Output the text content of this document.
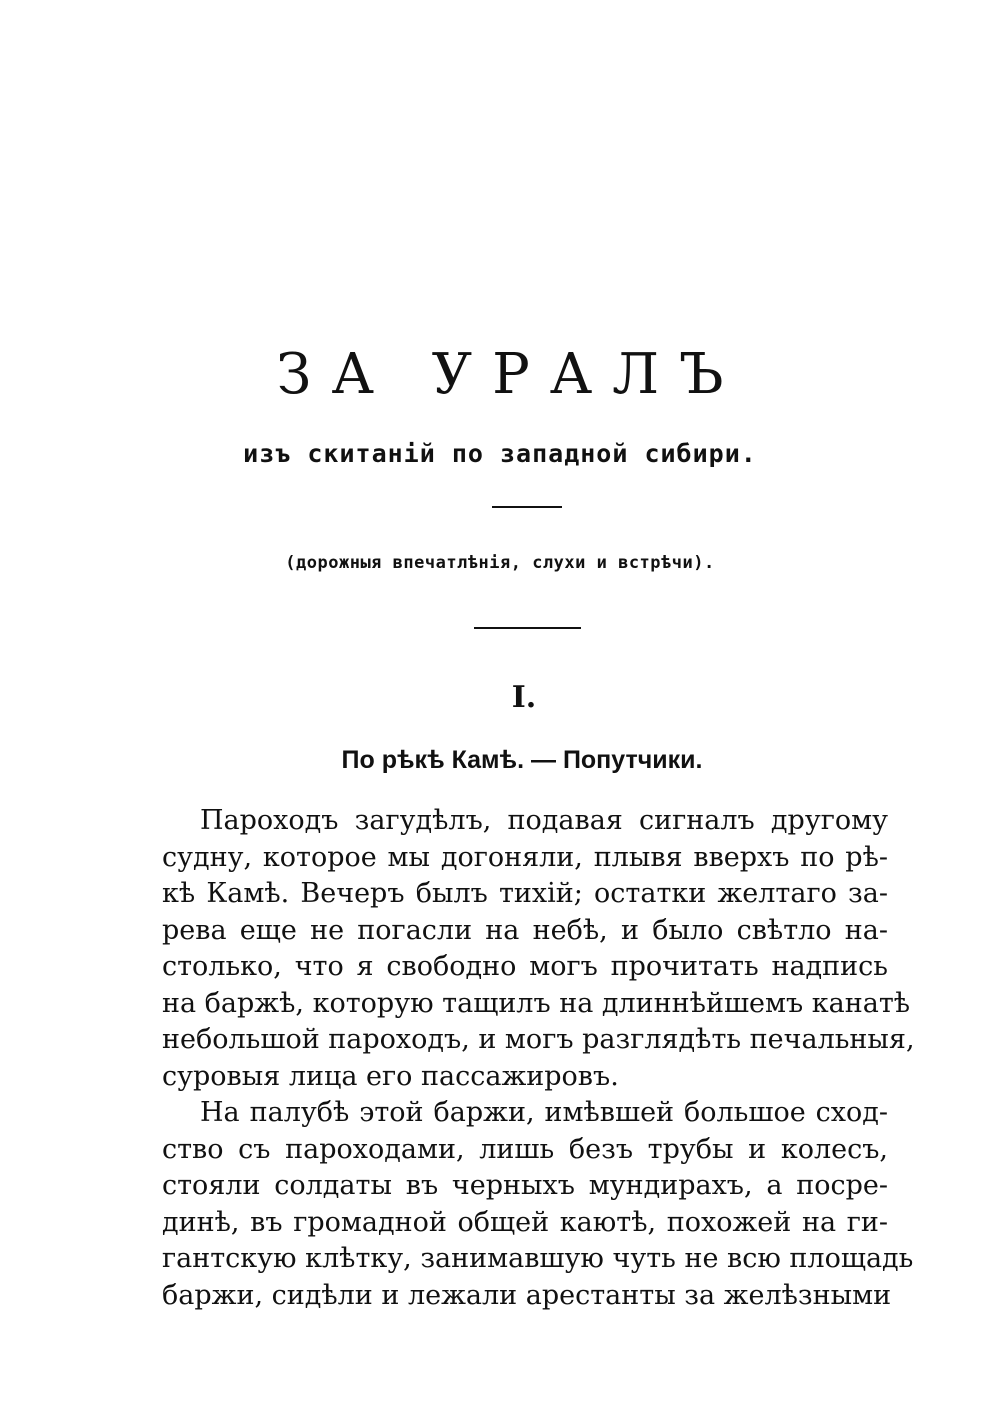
ЗА УРАЛЪ
изъ скитаній по западной сибири.

(дорожныя впечатлѣнія, слухи и встрѣчи).

I.
По рѣкѣ Камѣ. — Попутчики.
Пароходъ загудѣлъ, подавая сигналъ другому
судну, которое мы догоняли, плывя вверхъ по рѣ-
кѣ Камѣ. Вечеръ былъ тихій; остатки желтаго за-
рева еще не погасли на небѣ, и было свѣтло на-
столько, что я свободно могъ прочитать надпись
на баржѣ, которую тащилъ на длиннѣйшемъ канатѣ
небольшой пароходъ, и могъ разглядѣть печальныя,
суровыя лица его пассажировъ.
На палубѣ этой баржи, имѣвшей большое сход-
ство съ пароходами, лишь безъ трубы и колесъ,
стояли солдаты въ черныхъ мундирахъ, а посре-
динѣ, въ громадной общей каютѣ, похожей на ги-
гантскую клѣтку, занимавшую чуть не всю площадь
баржи, сидѣли и лежали арестанты за желѣзными
